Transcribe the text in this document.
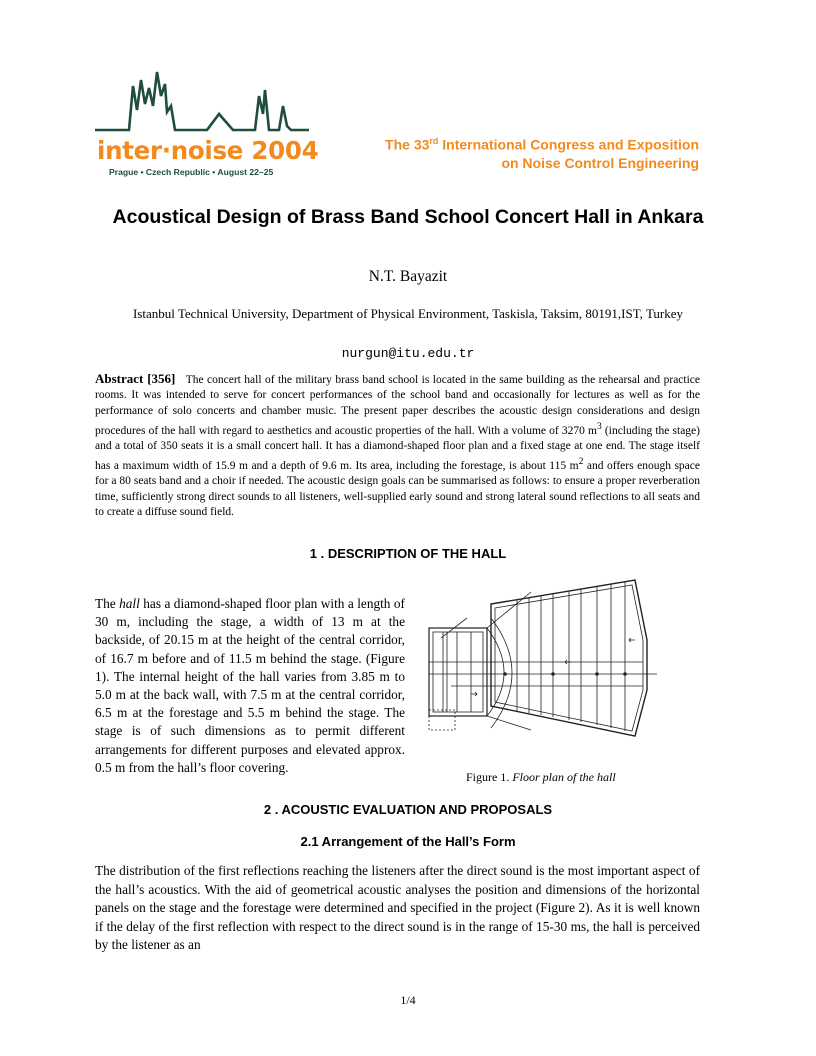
inter·noise 2004
Prague • Czech Republic • August 22–25
The 33rd International Congress and Exposition
on Noise Control Engineering
Acoustical Design of Brass Band School Concert Hall in Ankara
N.T. Bayazit
Istanbul Technical University, Department of Physical Environment, Taskisla, Taksim, 80191,IST, Turkey
nurgun@itu.edu.tr
Abstract [356] The concert hall of the military brass band school is located in the same building as the rehearsal and practice rooms. It was intended to serve for concert performances of the school band and occasionally for lectures as well as for the performance of solo concerts and chamber music. The present paper describes the acoustic design considerations and design procedures of the hall with regard to aesthetics and acoustic properties of the hall. With a volume of 3270 $m^3$ (including the stage) and a total of 350 seats it is a small concert hall. It has a diamond-shaped floor plan and a fixed stage at one end. The stage itself has a maximum width of 15.9 m and a depth of 9.6 m. Its area, including the forestage, is about 115 $m^2$ and offers enough space for a 80 seats band and a choir if needed. The acoustic design goals can be summarised as follows: to ensure a proper reverberation time, sufficiently strong direct sounds to all listeners, well-supplied early sound and strong lateral sound reflections to all seats and to create a diffuse sound field.
1 . DESCRIPTION OF THE HALL
The hall has a diamond-shaped floor plan with a length of 30 m, including the stage, a width of 13 m at the backside, of 20.15 m at the height of the central corridor, of 16.7 m before and of 11.5 m behind the stage. (Figure 1). The internal height of the hall varies from 3.85 m to 5.0 m at the back wall, with 7.5 m at the central corridor, 6.5 m at the forestage and 5.5 m behind the stage. The stage is of such dimensions as to permit different arrangements for different purposes and elevated approx. 0.5 m from the hall’s floor covering.
Figure 1. Floor plan of the hall
2 . ACOUSTIC EVALUATION AND PROPOSALS
2.1 Arrangement of the Hall’s Form
The distribution of the first reflections reaching the listeners after the direct sound is the most important aspect of the hall’s acoustics. With the aid of geometrical acoustic analyses the position and dimensions of the horizontal panels on the stage and the forestage were determined and specified in the project (Figure 2). As it is well known if the delay of the first reflection with respect to the direct sound is in the range of 15-30 ms, the hall is perceived by the listener as an
1/4
